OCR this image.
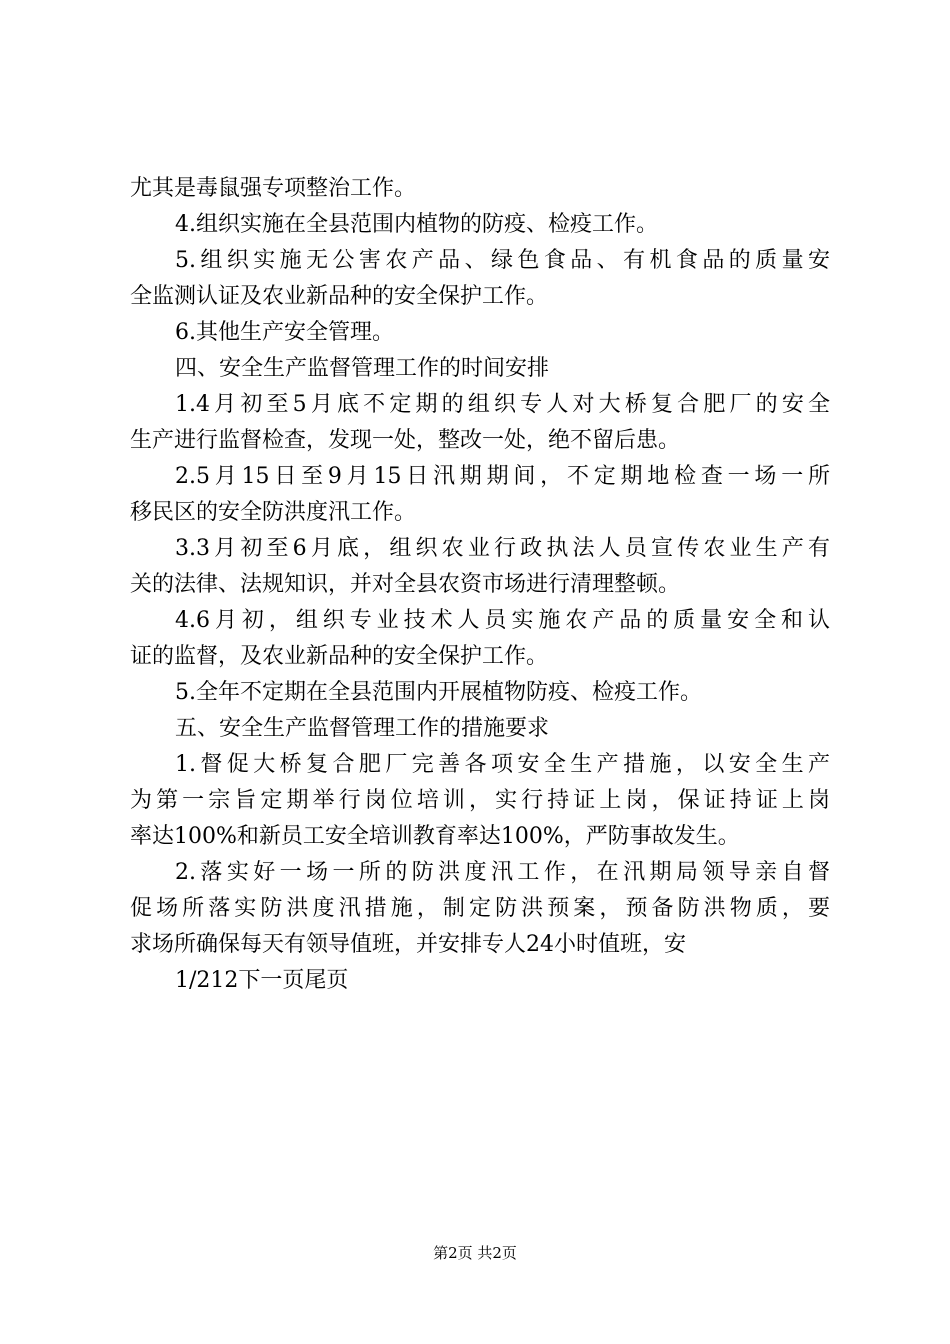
尤其是毒鼠强专项整治工作。
4.组织实施在全县范围内植物的防疫、检疫工作。
5.组织实施无公害农产品、绿色食品、有机食品的质量安
全监测认证及农业新品种的安全保护工作。
6.其他生产安全管理。
四、安全生产监督管理工作的时间安排
1.4月初至5月底不定期的组织专人对大桥复合肥厂的安全
生产进行监督检查，发现一处，整改一处，绝不留后患。
2.5月15日至9月15日汛期期间，不定期地检查一场一所
移民区的安全防洪度汛工作。
3.3月初至6月底，组织农业行政执法人员宣传农业生产有
关的法律、法规知识，并对全县农资市场进行清理整顿。
4.6月初，组织专业技术人员实施农产品的质量安全和认
证的监督，及农业新品种的安全保护工作。
5.全年不定期在全县范围内开展植物防疫、检疫工作。
五、安全生产监督管理工作的措施要求
1.督促大桥复合肥厂完善各项安全生产措施，以安全生产
为第一宗旨定期举行岗位培训，实行持证上岗，保证持证上岗
率达100%和新员工安全培训教育率达100%，严防事故发生。
2.落实好一场一所的防洪度汛工作，在汛期局领导亲自督
促场所落实防洪度汛措施，制定防洪预案，预备防洪物质，要
求场所确保每天有领导值班，并安排专人24小时值班，安
1/212下一页尾页
第2页 共2页
